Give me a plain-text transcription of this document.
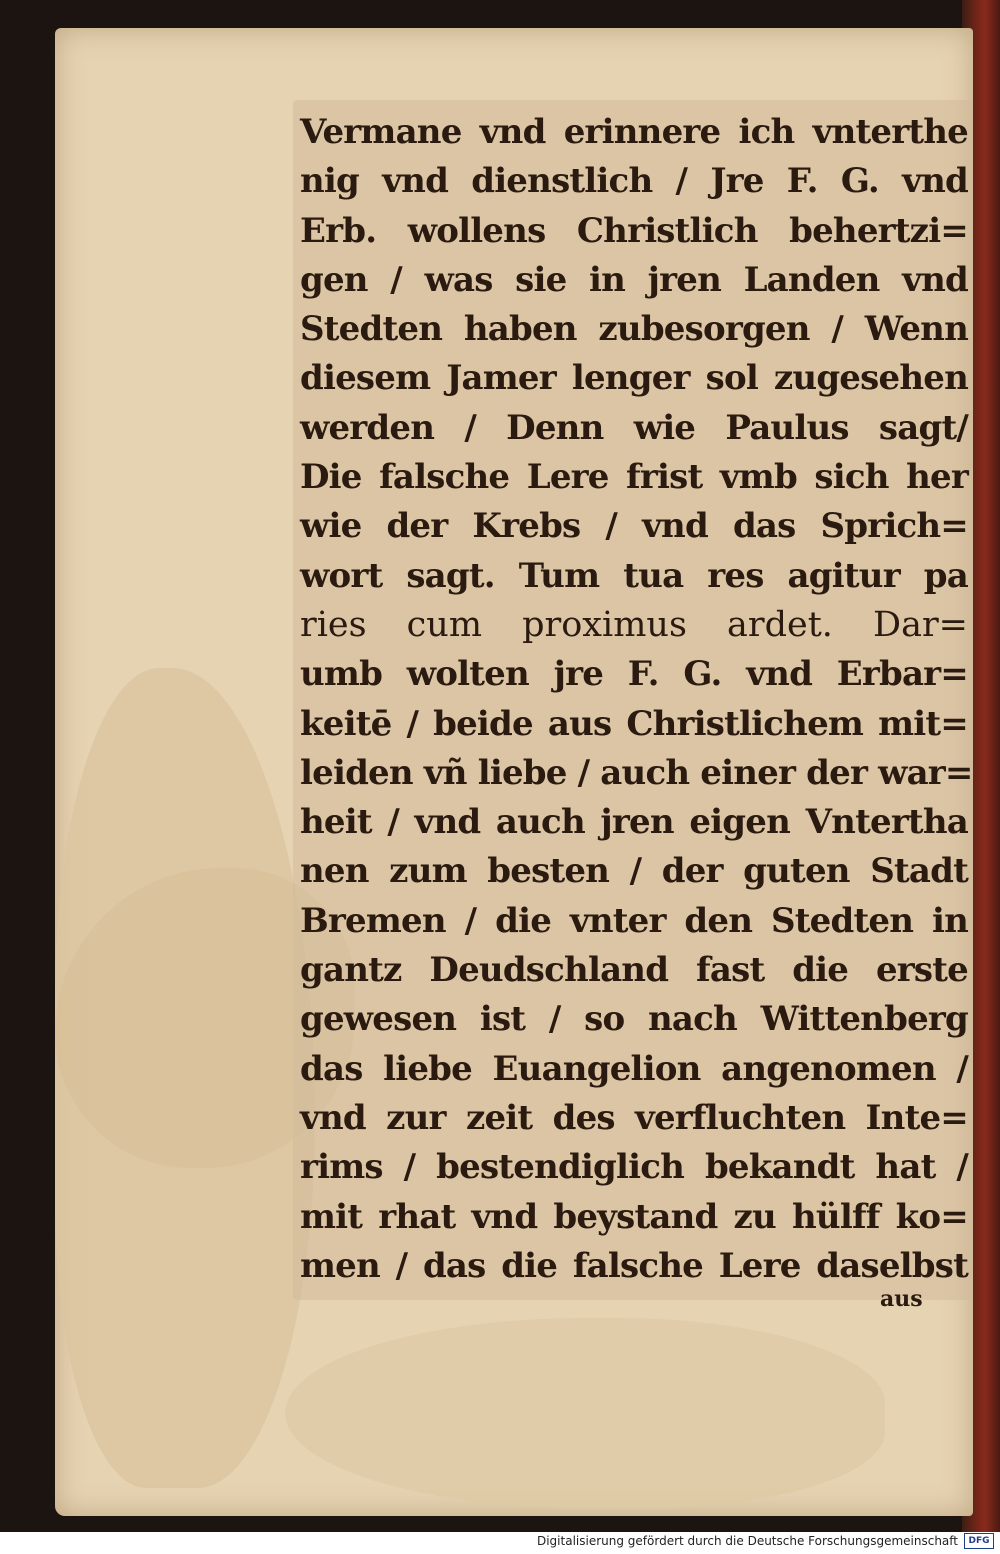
Vermane vnd erinnere ich vnterthe
nig vnd dienstlich / Jre F. G. vnd
Erb. wollens Christlich behertzi=
gen / was sie in jren Landen vnd
Stedten haben zubesorgen / Wenn
diesem Jamer lenger sol zugesehen
werden / Denn wie Paulus sagt/
Die falsche Lere frist vmb sich her
wie der Krebs / vnd das Sprich=
wort sagt. Tum tua res agitur pa
ries cum proximus ardet. Dar=
umb wolten jre F. G. vnd Erbar=
keitē / beide aus Christlichem mit=
leiden vñ liebe / auch einer der war=
heit / vnd auch jren eigen Vntertha
nen zum besten / der guten Stadt
Bremen / die vnter den Stedten in
gantz Deudschland fast die erste
gewesen ist / so nach Wittenberg
das liebe Euangelion angenomen /
vnd zur zeit des verfluchten Inte=
rims / bestendiglich bekandt hat /
mit rhat vnd beystand zu hülff ko=
men / das die falsche Lere daselbst
aus
Digitalisierung gefördert durch die Deutsche Forschungsgemeinschaft	DFG
